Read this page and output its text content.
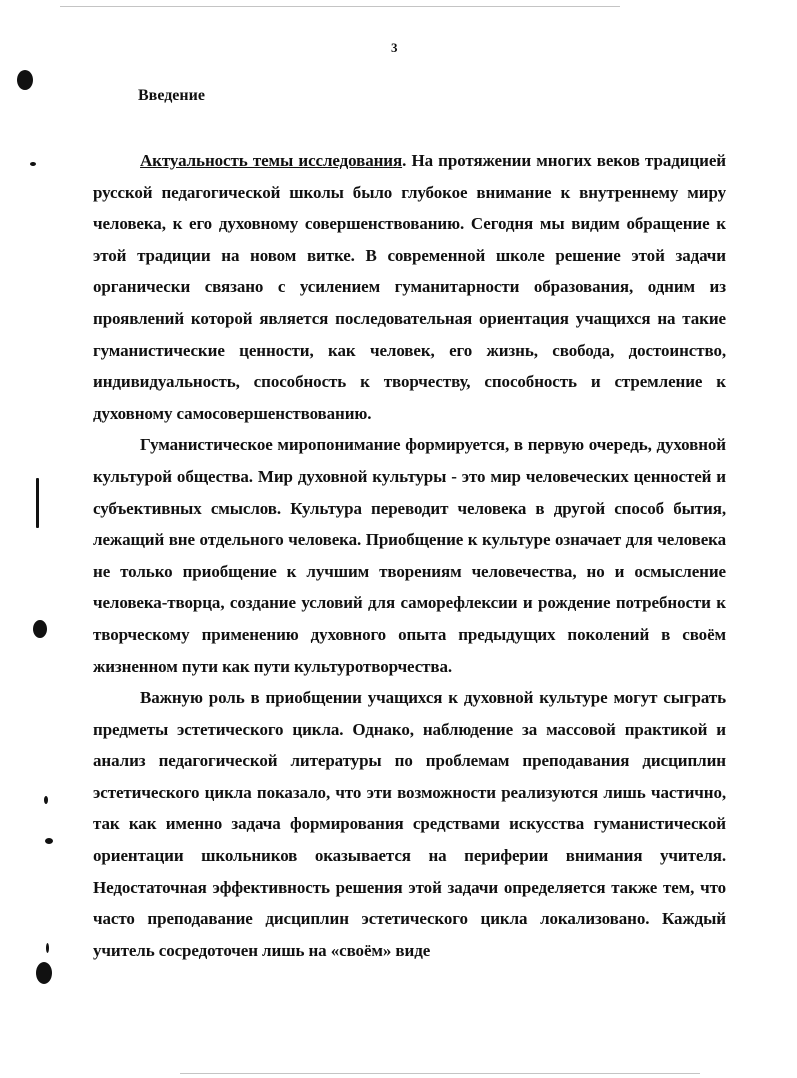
3
Введение

Актуальность темы исследования. На протяжении многих веков традицией русской педагогической школы было глубокое внимание к внутреннему миру человека, к его духовному совершенствованию. Сегодня мы видим обращение к этой традиции на новом витке. В современной школе решение этой задачи органически связано с усилением гуманитарности образования, одним из проявлений которой является последовательная ориентация учащихся на такие гуманистические ценности, как человек, его жизнь, свобода, достоинство, индивидуальность, способность к творчеству, способность и стремление к духовному самосовершенствованию.

Гуманистическое миропонимание формируется, в первую очередь, духовной культурой общества. Мир духовной культуры - это мир человеческих ценностей и субъективных смыслов. Культура переводит человека в другой способ бытия, лежащий вне отдельного человека. Приобщение к культуре означает для человека не только приобщение к лучшим творениям человечества, но и осмысление человека-творца, создание условий для саморефлексии и рождение потребности к творческому применению духовного опыта предыдущих поколений в своём жизненном пути как пути культуротворчества.

Важную роль в приобщении учащихся к духовной культуре могут сыграть предметы эстетического цикла. Однако, наблюдение за массовой практикой и анализ педагогической литературы по проблемам преподавания дисциплин эстетического цикла показало, что эти возможности реализуются лишь частично, так как именно задача формирования средствами искусства гуманистической ориентации школьников оказывается на периферии внимания учителя. Недостаточная эффективность решения этой задачи определяется также тем, что часто преподавание дисциплин эстетического цикла локализовано. Каждый учитель сосредоточен лишь на «своём» виде
